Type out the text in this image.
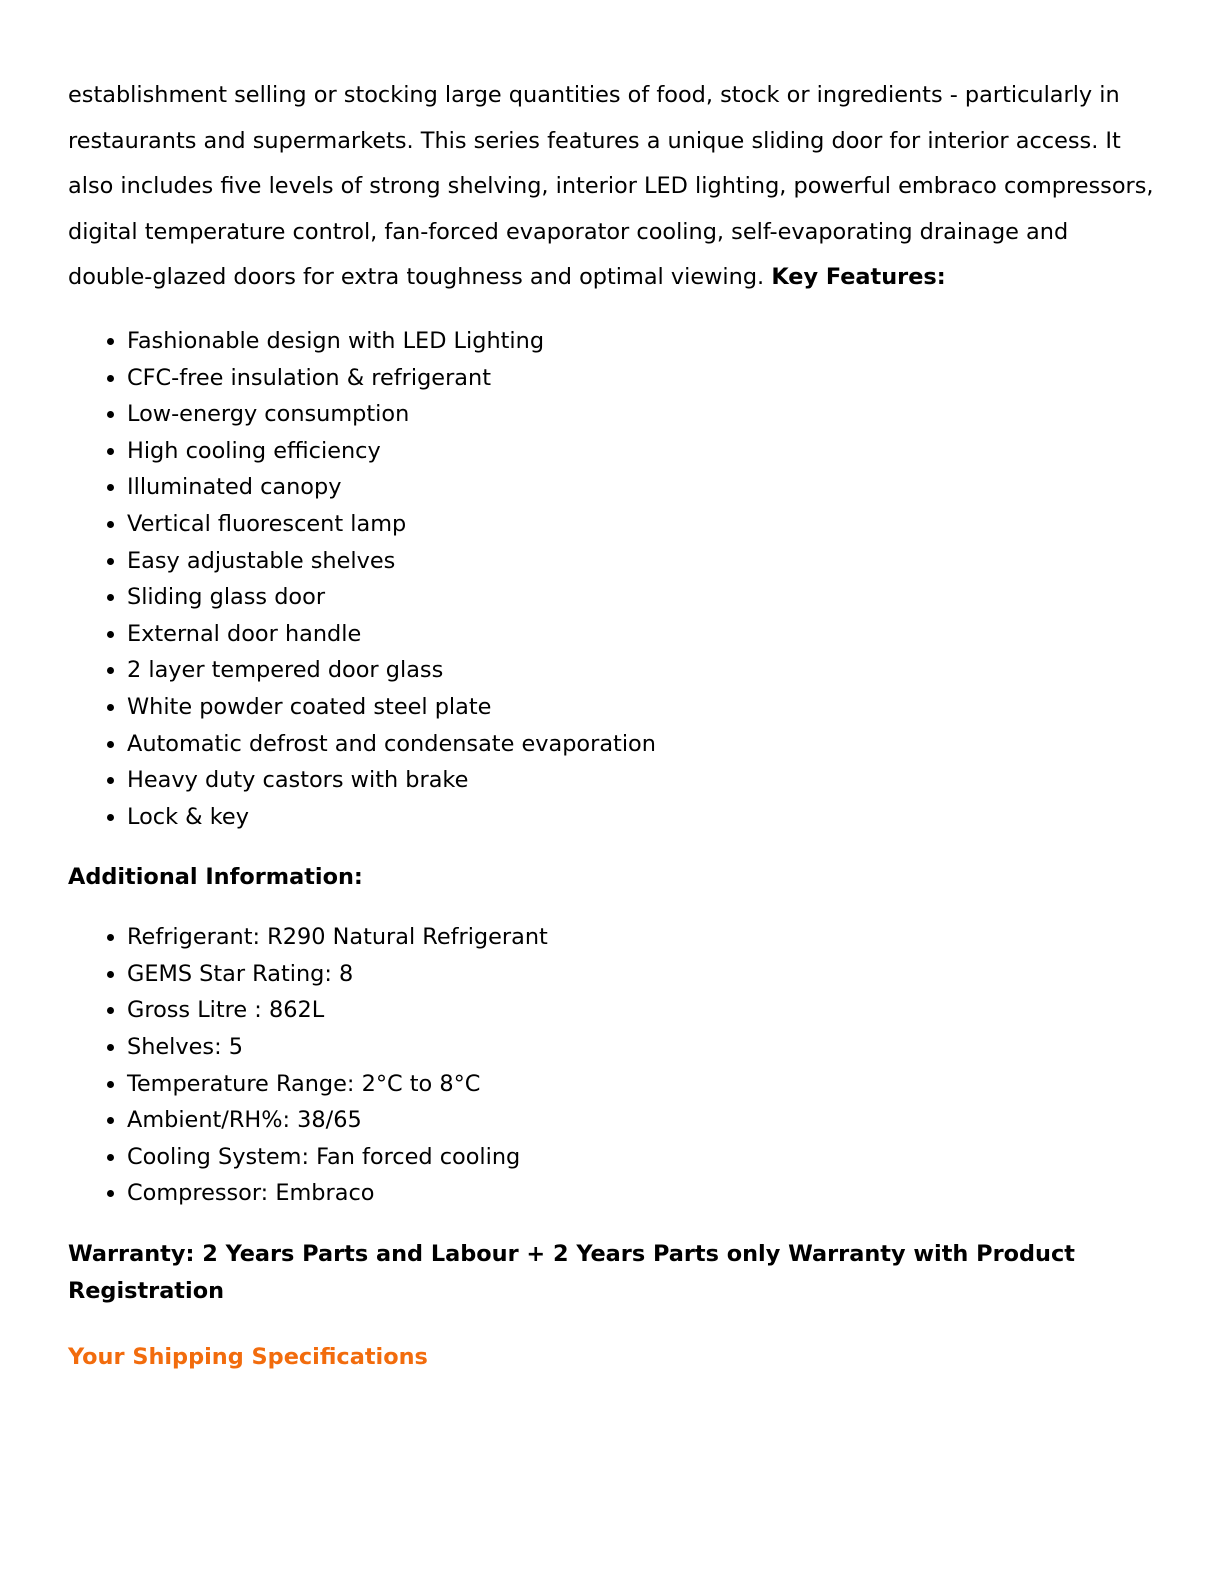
establishment selling or stocking large quantities of food, stock or ingredients - particularly in restaurants and supermarkets. This series features a unique sliding door for interior access. It also includes five levels of strong shelving, interior LED lighting, powerful embraco compressors, digital temperature control, fan-forced evaporator cooling, self-evaporating drainage and double-glazed doors for extra toughness and optimal viewing. Key Features:

• Fashionable design with LED Lighting
• CFC-free insulation & refrigerant
• Low-energy consumption
• High cooling efficiency
• Illuminated canopy
• Vertical fluorescent lamp
• Easy adjustable shelves
• Sliding glass door
• External door handle
• 2 layer tempered door glass
• White powder coated steel plate
• Automatic defrost and condensate evaporation
• Heavy duty castors with brake
• Lock & key

Additional Information:

• Refrigerant: R290 Natural Refrigerant
• GEMS Star Rating: 8
• Gross Litre : 862L
• Shelves: 5
• Temperature Range: 2°C to 8°C
• Ambient/RH%: 38/65
• Cooling System: Fan forced cooling
• Compressor: Embraco

Warranty: 2 Years Parts and Labour + 2 Years Parts only Warranty with Product Registration

Your Shipping Specifications
